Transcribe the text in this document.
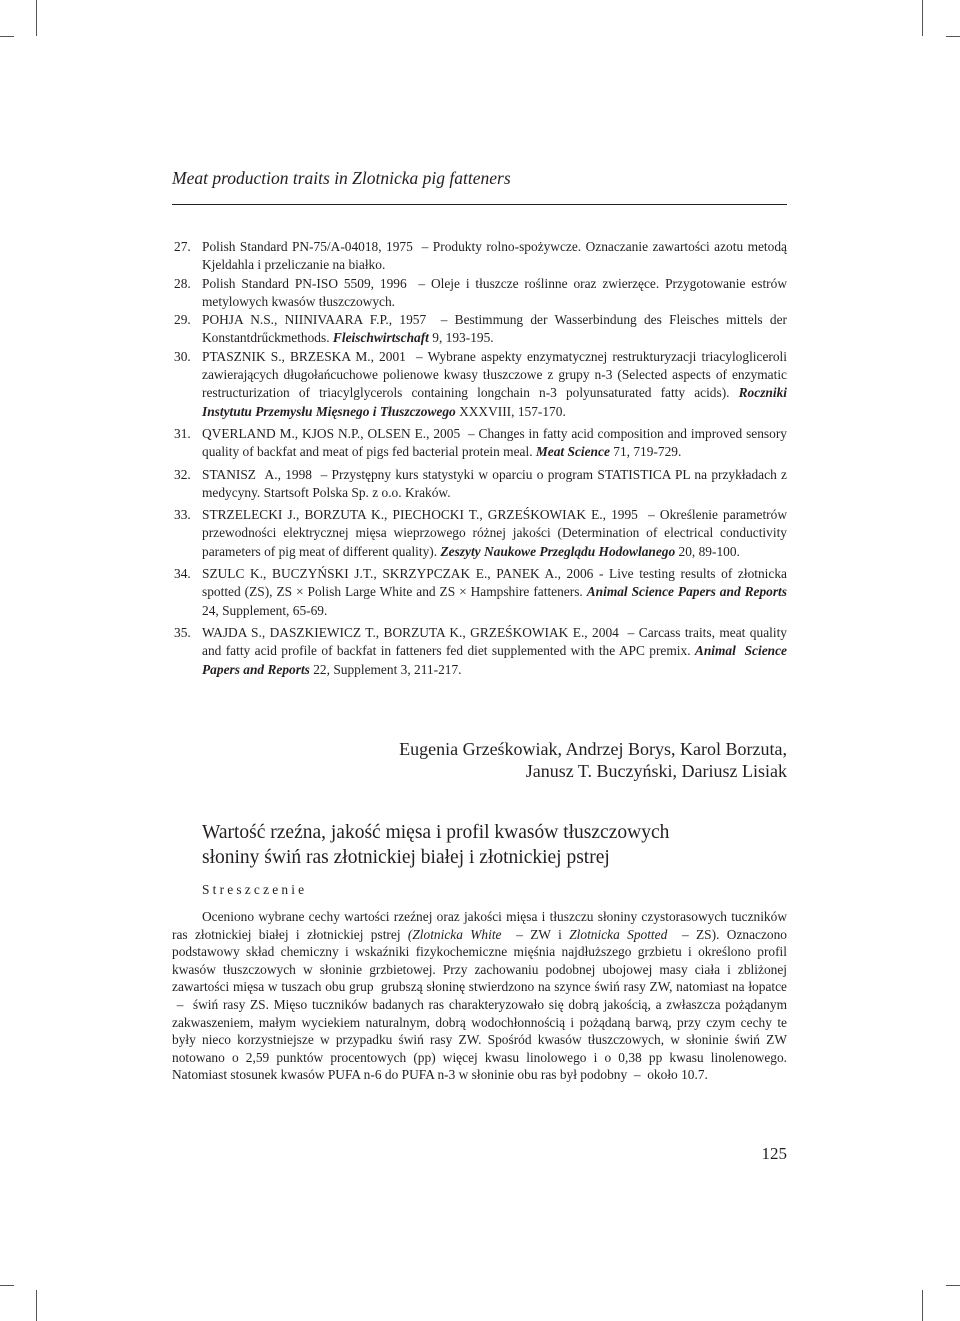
Meat production traits in Zlotnicka pig fatteners
27. Polish Standard PN-75/A-04018, 1975  – Produkty rolno-spożywcze. Oznaczanie zawartości azotu metodą Kjeldahla i przeliczanie na białko.
28. Polish Standard PN-ISO 5509, 1996  – Oleje i tłuszcze roślinne oraz zwierzęce. Przygotowanie estrów metylowych kwasów tłuszczowych.
29. POHJA N.S., NIINIVAARA F.P., 1957  – Bestimmung der Wasserbindung des Fleisches mittels der Konstantdrűckmethods. Fleischwirtschaft 9, 193-195.
30. PTASZNIK S., BRZESKA M., 2001  – Wybrane aspekty enzymatycznej restrukturyzacji triacylogliceroli zawierających długołańcuchowe polienowe kwasy tłuszczowe z grupy n-3 (Selected aspects of enzymatic restructurization of triacylglycerols containing longchain n-3 polyunsaturated fatty acids). Roczniki Instytutu Przemysłu Mięsnego i Tłuszczowego XXXVIII, 157-170.
31. QVERLAND M., KJOS N.P., OLSEN E., 2005  – Changes in fatty acid composition and improved sensory quality of backfat and meat of pigs fed bacterial protein meal. Meat Science 71, 719-729.
32. STANISZ  A., 1998  – Przystępny kurs statystyki w oparciu o program STATISTICA PL na przykładach z medycyny. Startsoft Polska Sp. z o.o. Kraków.
33. STRZELECKI J., BORZUTA K., PIECHOCKI T., GRZEŚKOWIAK E., 1995  – Określenie parametrów przewodności elektrycznej mięsa wieprzowego różnej jakości (Determination of electrical conductivity parameters of pig meat of different quality). Zeszyty Naukowe Przeglądu Hodowlanego 20, 89-100.
34. SZULC K., BUCZYŃSKI J.T., SKRZYPCZAK E., PANEK A., 2006 - Live testing results of złotnicka spotted (ZS), ZS × Polish Large White and ZS × Hampshire fatteners. Animal Science Papers and Reports 24, Supplement, 65-69.
35. WAJDA S., DASZKIEWICZ T., BORZUTA K., GRZEŚKOWIAK E., 2004  – Carcass traits, meat quality and fatty acid profile of backfat in fatteners fed diet supplemented with the APC premix. Animal  Science Papers and Reports 22, Supplement 3, 211-217.
Eugenia Grześkowiak, Andrzej Borys, Karol Borzuta,
Janusz T. Buczyński, Dariusz Lisiak
Wartość rzeźna, jakość mięsa i profil kwasów tłuszczowych
słoniny świń ras złotnickiej białej i złotnickiej pstrej
Streszczenie
Oceniono wybrane cechy wartości rzeźnej oraz jakości mięsa i tłuszczu słoniny czystorasowych tuczników ras złotnickiej białej i złotnickiej pstrej (Zlotnicka White  – ZW i Zlotnicka Spotted  – ZS). Oznaczono podstawowy skład chemiczny i wskaźniki fizykochemiczne mięśnia najdłuższego grzbietu i określono profil kwasów tłuszczowych w słoninie grzbietowej. Przy zachowaniu podobnej ubojowej masy ciała i zbliżonej zawartości mięsa w tuszach obu grup  grubszą słoninę stwierdzono na szynce świń rasy ZW, natomiast na łopatce  –  świń rasy ZS. Mięso tuczników badanych ras charakteryzowało się dobrą jakością, a zwłaszcza pożądanym zakwaszeniem, małym wyciekiem naturalnym, dobrą wodochłonnością i pożądaną barwą, przy czym cechy te były nieco korzystniejsze w przypadku świń rasy ZW. Spośród kwasów tłuszczowych, w słoninie świń ZW notowano o 2,59 punktów procentowych (pp) więcej kwasu linolowego i o 0,38 pp kwasu linolenowego. Natomiast stosunek kwasów PUFA n-6 do PUFA n-3 w słoninie obu ras był podobny  –  około 10.7.
125
